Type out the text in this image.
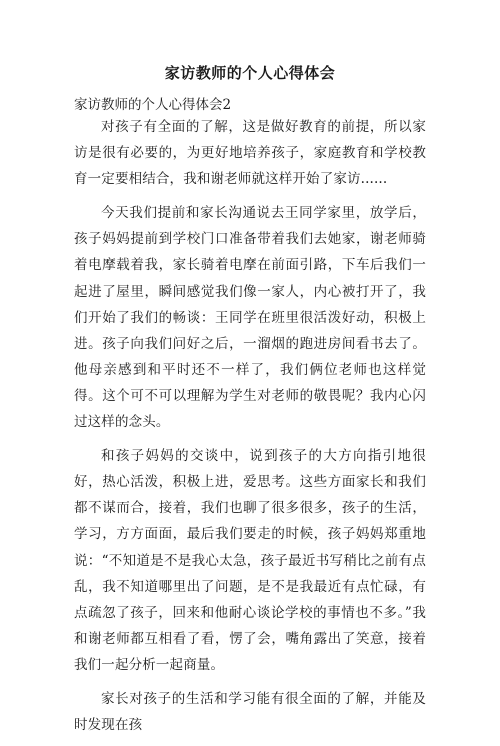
家访教师的个人心得体会
家访教师的个人心得体会2

对孩子有全面的了解，这是做好教育的前提，所以家访是很有必要的，为更好地培养孩子，家庭教育和学校教育一定要相结合，我和谢老师就这样开始了家访......

今天我们提前和家长沟通说去王同学家里，放学后，孩子妈妈提前到学校门口准备带着我们去她家，谢老师骑着电摩载着我，家长骑着电摩在前面引路，下车后我们一起进了屋里，瞬间感觉我们像一家人，内心被打开了，我们开始了我们的畅谈：王同学在班里很活泼好动，积极上进。孩子向我们问好之后，一溜烟的跑进房间看书去了。他母亲感到和平时还不一样了，我们俩位老师也这样觉得。这个可不可以理解为学生对老师的敬畏呢？我内心闪过这样的念头。

和孩子妈妈的交谈中，说到孩子的大方向指引地很好，热心活泼，积极上进，爱思考。这些方面家长和我们都不谋而合，接着，我们也聊了很多很多，孩子的生活，学习，方方面面，最后我们要走的时候，孩子妈妈郑重地说：“不知道是不是我心太急，孩子最近书写稍比之前有点乱，我不知道哪里出了问题，是不是我最近有点忙碌，有点疏忽了孩子，回来和他耐心谈论学校的事情也不多。”我和谢老师都互相看了看，愣了会，嘴角露出了笑意，接着我们一起分析一起商量。

家长对孩子的生活和学习能有很全面的了解，并能及时发现在孩
